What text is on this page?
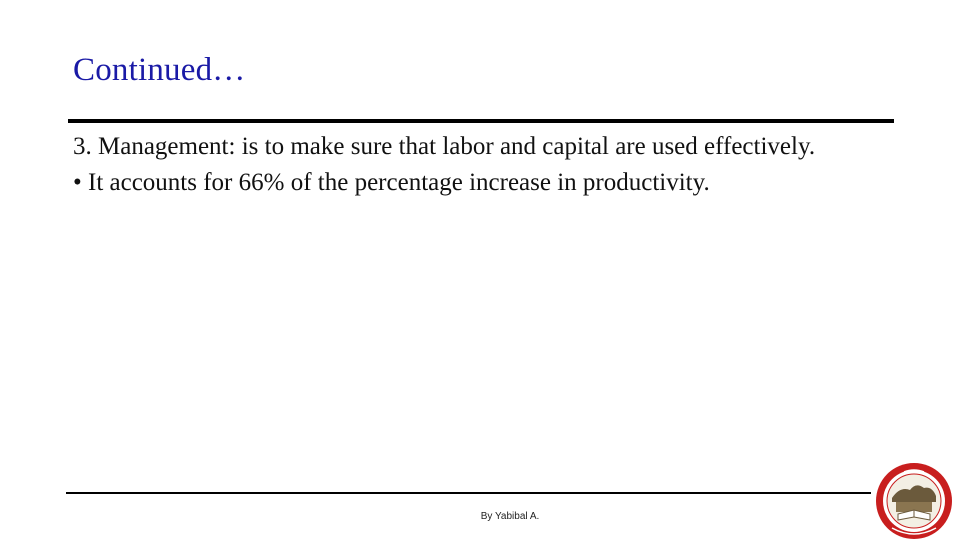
Continued…

3. Management: is to make sure that labor and capital are used effectively.

• It accounts for 66% of the percentage increase in productivity.

By Yabibal A.
